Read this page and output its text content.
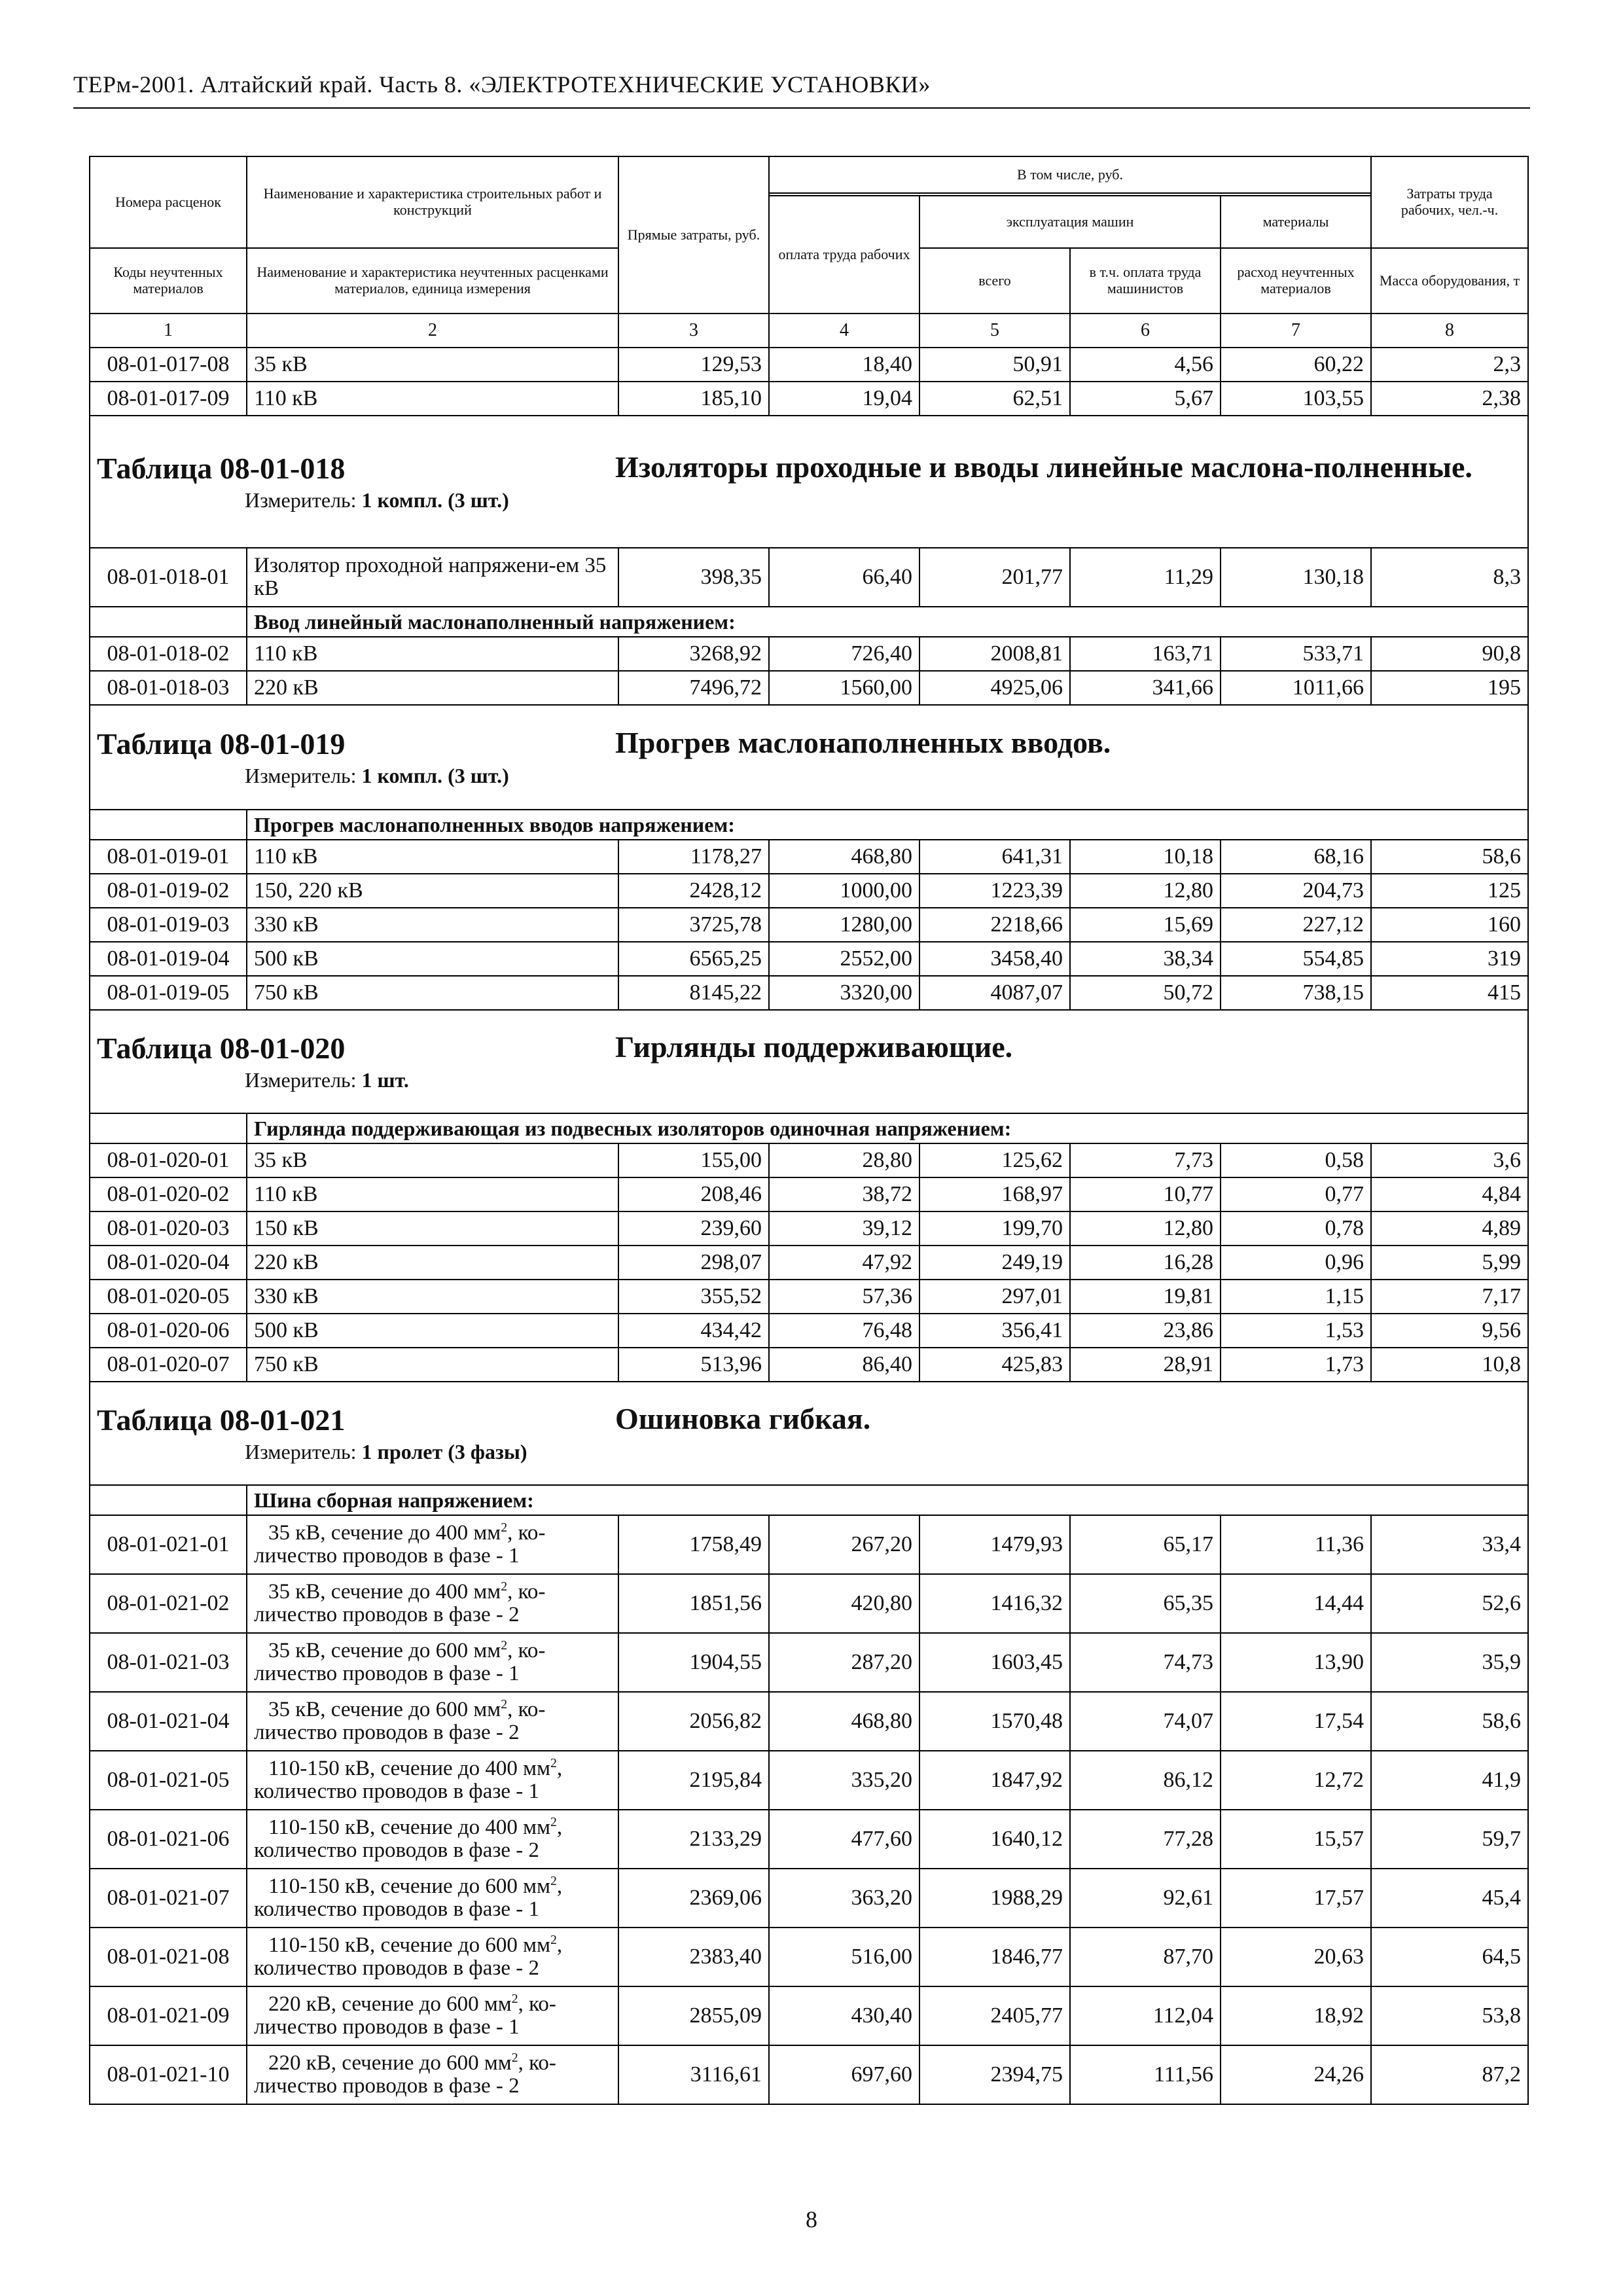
ТЕРм-2001. Алтайский край. Часть 8. «ЭЛЕКТРОТЕХНИЧЕСКИЕ УСТАНОВКИ»
Номера расценок	Наименование и характеристика строительных работ и конструкций	Прямые затраты, руб.	В том числе, руб.				Затраты труда рабочих, чел.-ч.

			оплата труда рабочих	эксплуатация машин		материалы	
Коды неучтенных материалов	Наименование и характеристика неучтенных расценками материалов, единица измерения			всего	в т.ч. оплата труда машинистов	расход неучтенных материалов	Масса оборудования, т

1	2	3	4	5	6	7	8
08-01-017-08	35 кВ	129,53	18,40	50,91	4,56	60,22	2,3
08-01-017-09	110 кВ	185,10	19,04	62,51	5,67	103,55	2,38

Таблица 08-01-018 Изоляторы проходные и вводы линейные маслона-полненные.
Измеритель: 1 компл. (3 шт.)							

08-01-018-01	Изолятор проходной напряжени-ем 35 кВ	398,35	66,40	201,77	11,29	130,18	8,3
	Ввод линейный маслонаполненный напряжением:						
08-01-018-02	110 кВ	3268,92	726,40	2008,81	163,71	533,71	90,8
08-01-018-03	220 кВ	7496,72	1560,00	4925,06	341,66	1011,66	195

Таблица 08-01-019 Прогрев маслонаполненных вводов.
Измеритель: 1 компл. (3 шт.)							

	Прогрев маслонаполненных вводов напряжением:						
08-01-019-01	110 кВ	1178,27	468,80	641,31	10,18	68,16	58,6
08-01-019-02	150, 220 кВ	2428,12	1000,00	1223,39	12,80	204,73	125
08-01-019-03	330 кВ	3725,78	1280,00	2218,66	15,69	227,12	160
08-01-019-04	500 кВ	6565,25	2552,00	3458,40	38,34	554,85	319
08-01-019-05	750 кВ	8145,22	3320,00	4087,07	50,72	738,15	415

Таблица 08-01-020 Гирлянды поддерживающие.
Измеритель: 1 шт.							

	Гирлянда поддерживающая из подвесных изоляторов одиночная напряжением:						
08-01-020-01	35 кВ	155,00	28,80	125,62	7,73	0,58	3,6
08-01-020-02	110 кВ	208,46	38,72	168,97	10,77	0,77	4,84
08-01-020-03	150 кВ	239,60	39,12	199,70	12,80	0,78	4,89
08-01-020-04	220 кВ	298,07	47,92	249,19	16,28	0,96	5,99
08-01-020-05	330 кВ	355,52	57,36	297,01	19,81	1,15	7,17
08-01-020-06	500 кВ	434,42	76,48	356,41	23,86	1,53	9,56
08-01-020-07	750 кВ	513,96	86,40	425,83	28,91	1,73	10,8

Таблица 08-01-021 Ошиновка гибкая.
Измеритель: 1 пролет (3 фазы)							

	Шина сборная напряжением:						
08-01-021-01	35 кВ, сечение до 400 $мм^2$, ко-
личество проводов в фазе - 1	1758,49	267,20	1479,93	65,17	11,36	33,4
08-01-021-02	35 кВ, сечение до 400 $мм^2$, ко-
личество проводов в фазе - 2	1851,56	420,80	1416,32	65,35	14,44	52,6
08-01-021-03	35 кВ, сечение до 600 $мм^2$, ко-
личество проводов в фазе - 1	1904,55	287,20	1603,45	74,73	13,90	35,9
08-01-021-04	35 кВ, сечение до 600 $мм^2$, ко-
личество проводов в фазе - 2	2056,82	468,80	1570,48	74,07	17,54	58,6
08-01-021-05	110-150 кВ, сечение до 400 $мм^2$,
количество проводов в фазе - 1	2195,84	335,20	1847,92	86,12	12,72	41,9
08-01-021-06	110-150 кВ, сечение до 400 $мм^2$,
количество проводов в фазе - 2	2133,29	477,60	1640,12	77,28	15,57	59,7
08-01-021-07	110-150 кВ, сечение до 600 $мм^2$,
количество проводов в фазе - 1	2369,06	363,20	1988,29	92,61	17,57	45,4
08-01-021-08	110-150 кВ, сечение до 600 $мм^2$,
количество проводов в фазе - 2	2383,40	516,00	1846,77	87,70	20,63	64,5
08-01-021-09	220 кВ, сечение до 600 $мм^2$, ко-
личество проводов в фазе - 1	2855,09	430,40	2405,77	112,04	18,92	53,8
08-01-021-10	220 кВ, сечение до 600 $мм^2$, ко-
личество проводов в фазе - 2	3116,61	697,60	2394,75	111,56	24,26	87,2
8
